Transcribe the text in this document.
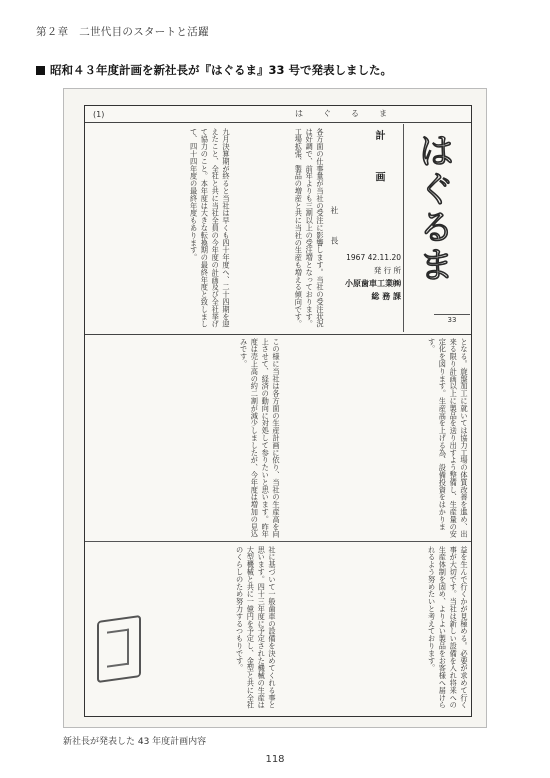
第２章　二世代目のスタートと活躍
昭和４３年度計画を新社長が『はぐるま』33 号で発表しました。
(1)	はぐるま
はぐるま
33
計 画
社 長
1967 42.11.20
発 行 所
小原歯車工業㈱
総 務 課
各方面の仕事量が当社の受注に影響します。当社の受注状況は好調で、前年よりも三割以上の受注増となっております。工場拡張、製品の増産と共に当社の生産も増える傾向です。
九月決算期が終ると当社は早くも四十年度へ、二十四期を迎えたこと、全社と共に当社全員の今年度の計画及び全社挙げて協力のこと。本年度は大きな転換期の最終年度と致しまして、四十四年度の最終年度もあります。
となる。旋盤加工に就いては協力工場の体質改善を進め、出来る限り計画以上に製品を送り出すよう整備し、生産量の安定化を図ります。生産高を上げる為、設備投資をはかります。
この様に当社は各方面の生産計画に依り、当社の生産高を向上させて、経済の動向に対処して参りたいと思います。昨年度は売上高の約二割が減少しましたが、今年度は増加の見込みです。
益を生んで行くかが見極める。必要が求めて行く事が大切です。当社は新しい設備を入れ将来への生産体制を固め、よりよい製品をお客様へ届けられるよう努めたいと考えております。
社に基づいて一般歯車の設備を決めてくれる事と思います。四十三年度に予定された機械の生産は大型機械と共に一億円を予定し、金型と共に全社のくらしのため努力するつもりです。
新社長が発表した 43 年度計画内容
118
